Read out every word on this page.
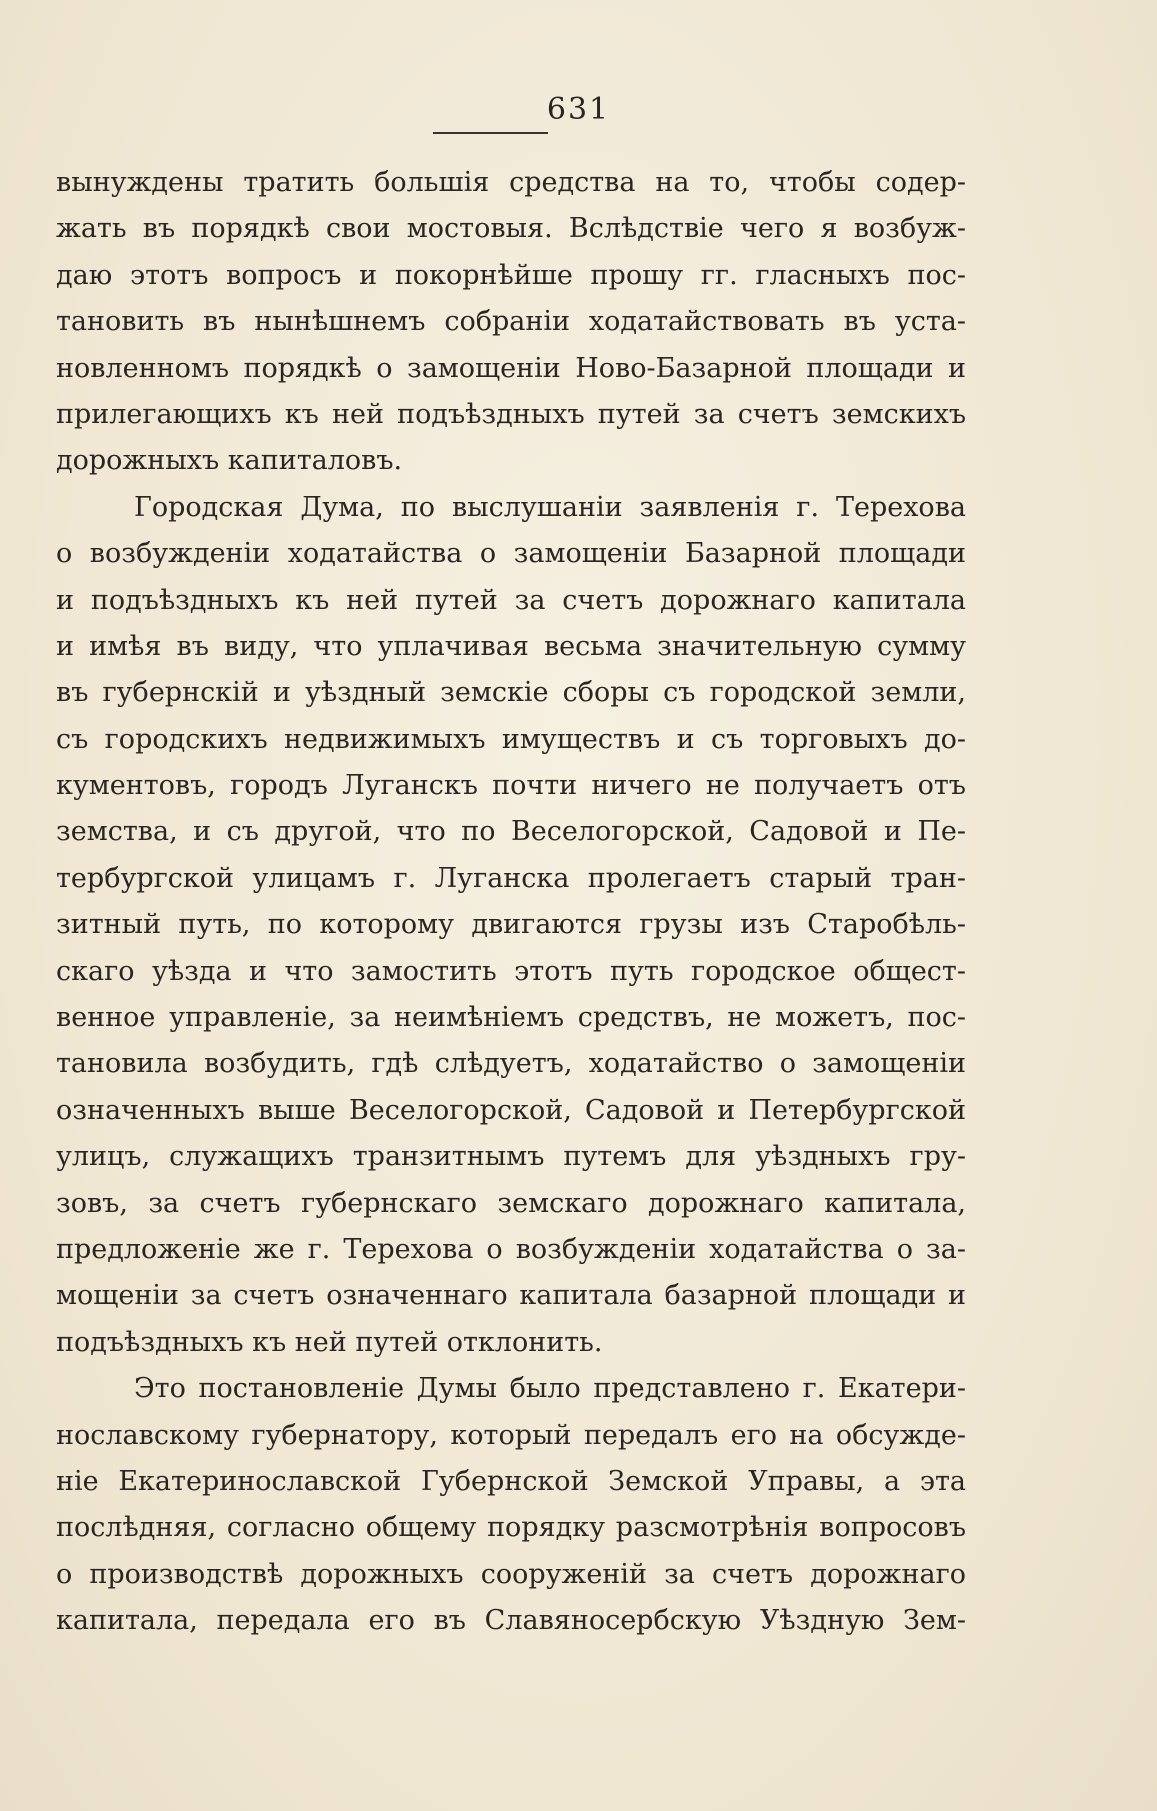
631
вынуждены тратить большія средства на то, чтобы содер-
жать въ порядкѣ свои мостовыя. Вслѣдствіе чего я возбуж-
даю этотъ вопросъ и покорнѣйше прошу гг. гласныхъ пос-
тановить въ нынѣшнемъ собраніи ходатайствовать въ уста-
новленномъ порядкѣ о замощеніи Ново-Базарной площади и
прилегающихъ къ ней подъѣздныхъ путей за счетъ земскихъ
дорожныхъ капиталовъ.
Городская Дума, по выслушаніи заявленія г. Терехова
о возбужденіи ходатайства о замощеніи Базарной площади
и подъѣздныхъ къ ней путей за счетъ дорожнаго капитала
и имѣя въ виду, что уплачивая весьма значительную сумму
въ губернскій и уѣздный земскіе сборы съ городской земли,
съ городскихъ недвижимыхъ имуществъ и съ торговыхъ до-
кументовъ, городъ Луганскъ почти ничего не получаетъ отъ
земства, и съ другой, что по Веселогорской, Садовой и Пе-
тербургской улицамъ г. Луганска пролегаетъ старый тран-
зитный путь, по которому двигаются грузы изъ Старобѣль-
скаго уѣзда и что замостить этотъ путь городское общест-
венное управленіе, за неимѣніемъ средствъ, не можетъ, пос-
тановила возбудить, гдѣ слѣдуетъ, ходатайство о замощеніи
означенныхъ выше Веселогорской, Садовой и Петербургской
улицъ, служащихъ транзитнымъ путемъ для уѣздныхъ гру-
зовъ, за счетъ губернскаго земскаго дорожнаго капитала,
предложеніе же г. Терехова о возбужденіи ходатайства о за-
мощеніи за счетъ означеннаго капитала базарной площади и
подъѣздныхъ къ ней путей отклонить.
Это постановленіе Думы было представлено г. Екатери-
нославскому губернатору, который передалъ его на обсужде-
ніе Екатеринославской Губернской Земской Управы, а эта
послѣдняя, согласно общему порядку разсмотрѣнія вопросовъ
о производствѣ дорожныхъ сооруженій за счетъ дорожнаго
капитала, передала его въ Славяносербскую Уѣздную Зем-
